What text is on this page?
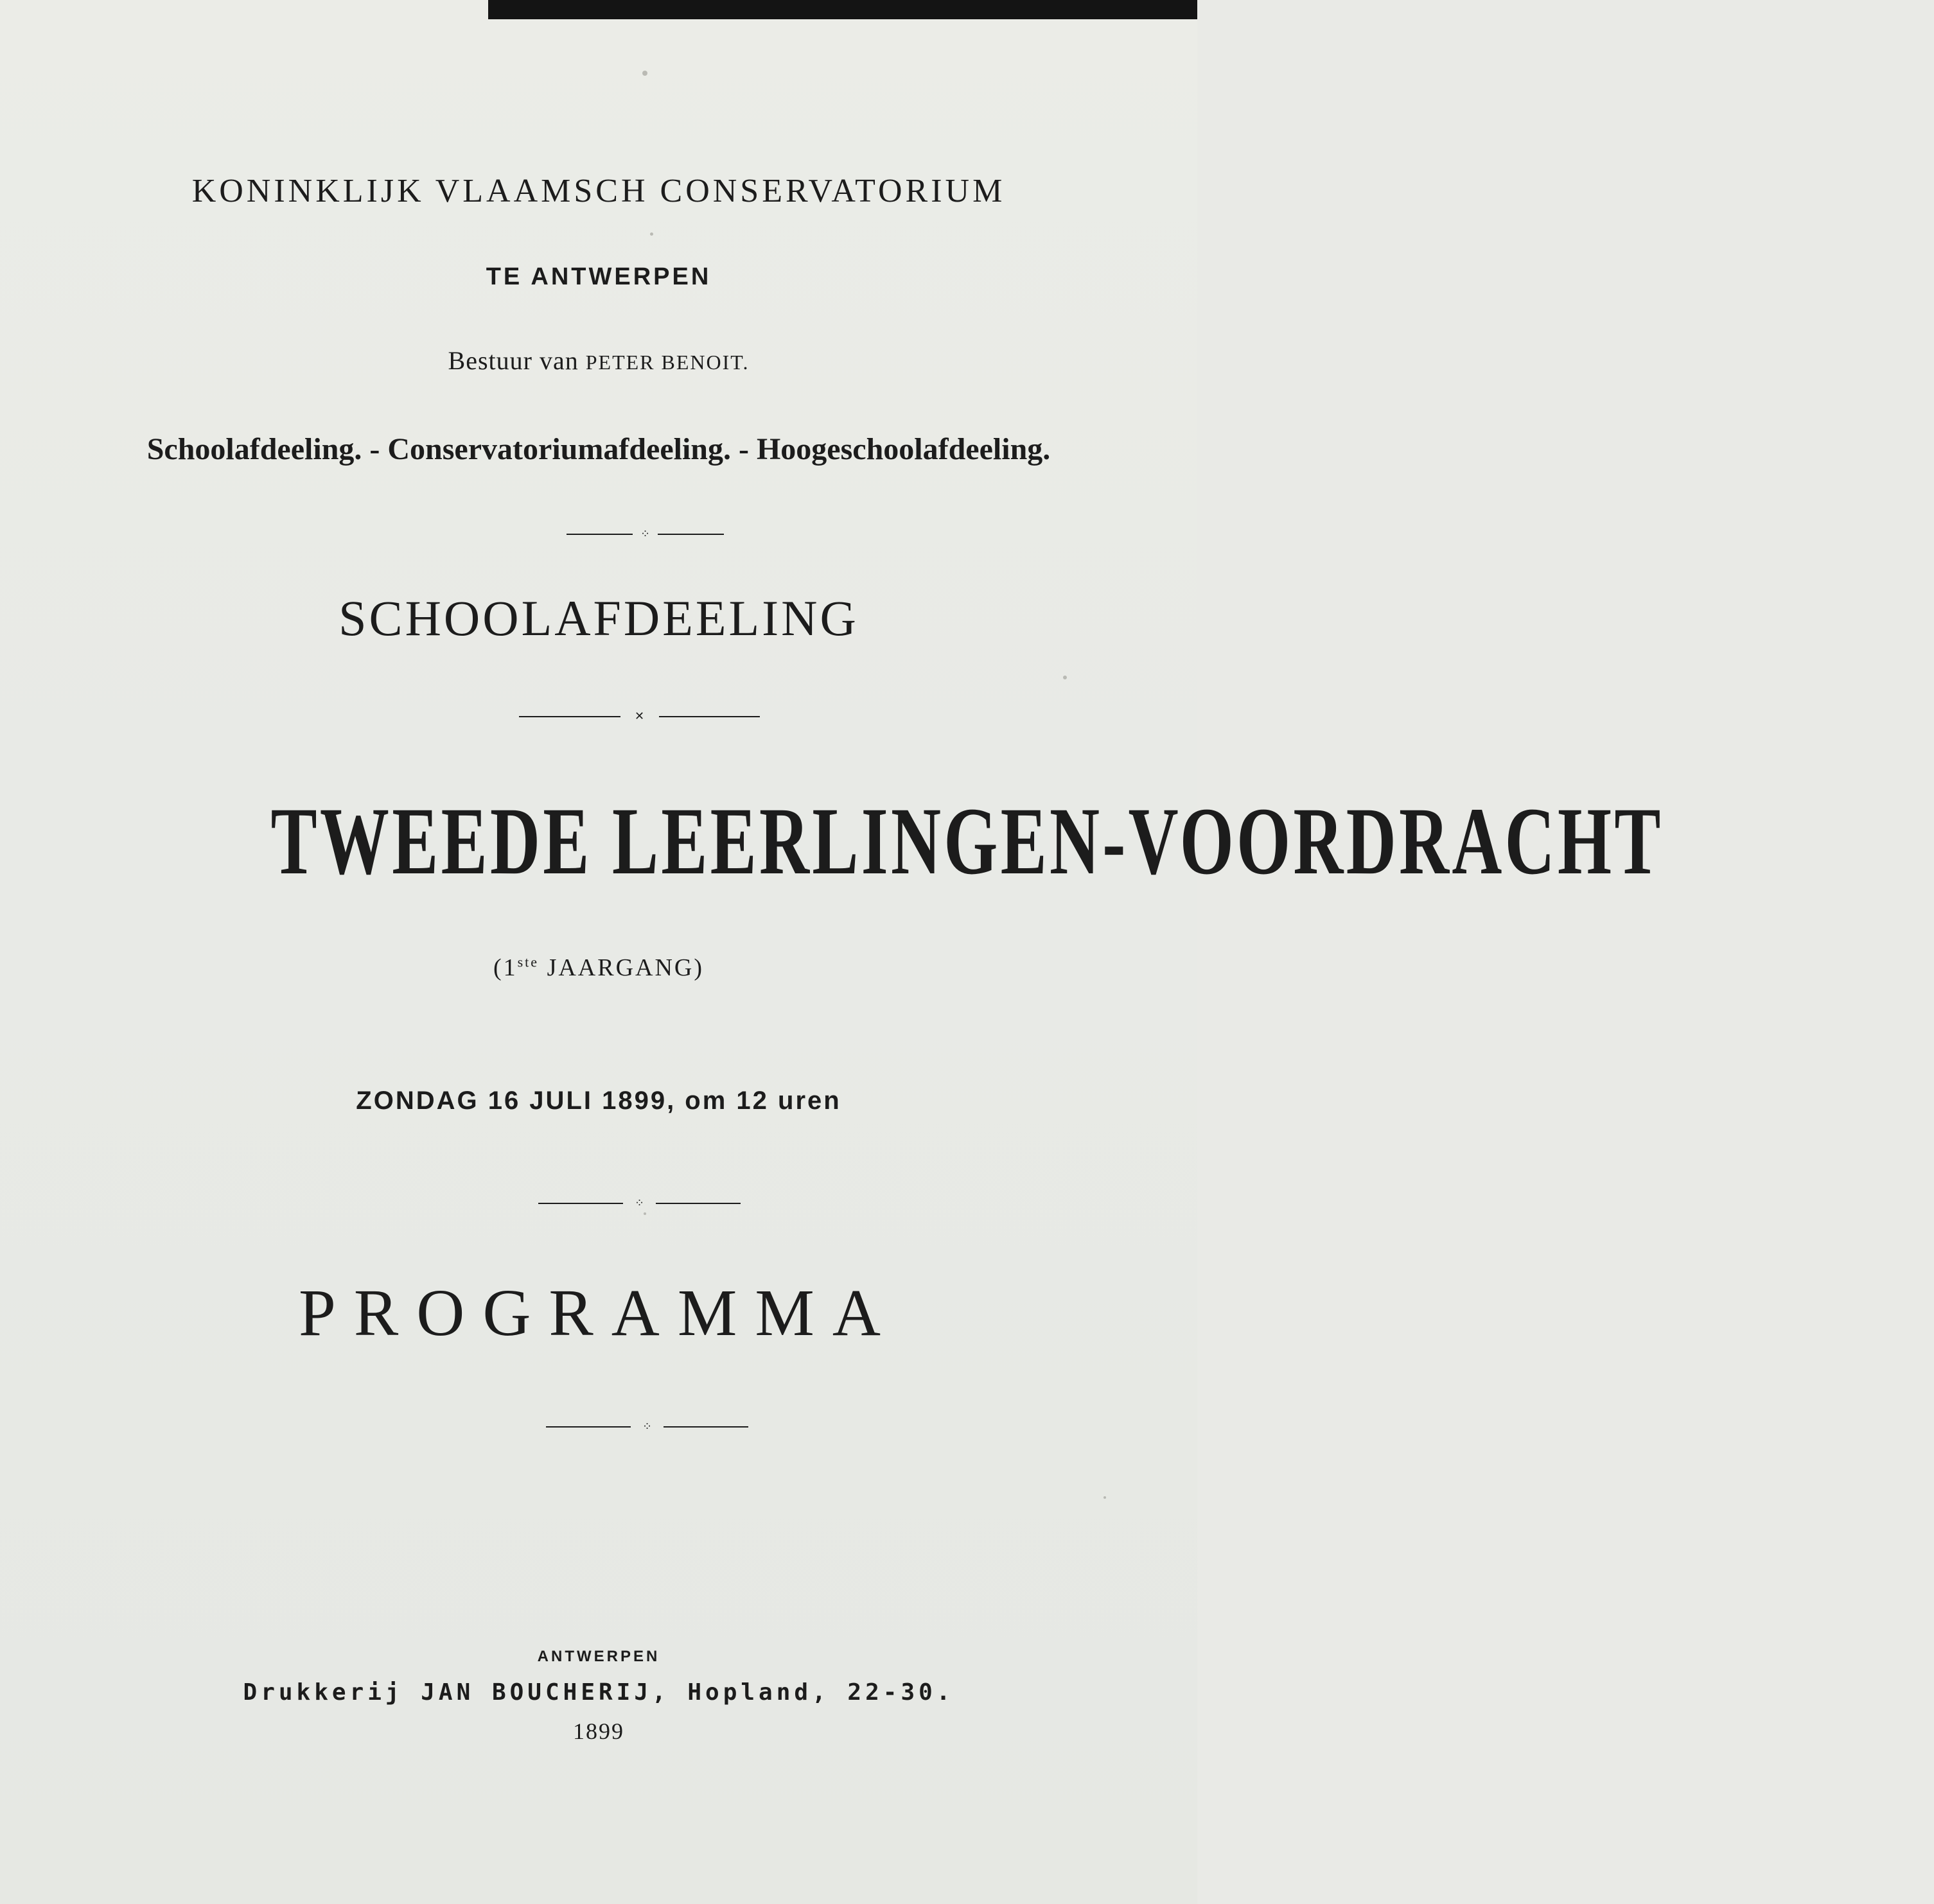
KONINKLIJK VLAAMSCH CONSERVATORIUM
TE ANTWERPEN
Bestuur van PETER BENOIT.
Schoolafdeeling. - Conservatoriumafdeeling. - Hoogeschoolafdeeling.
⁘
SCHOOLAFDEELING
✕
TWEEDE LEERLINGEN-VOORDRACHT
(1ste JAARGANG)
ZONDAG 16 JULI 1899, om 12 uren
⁘
PROGRAMMA
⁘
ANTWERPEN
Drukkerij JAN BOUCHERIJ, Hopland, 22-30.
1899
